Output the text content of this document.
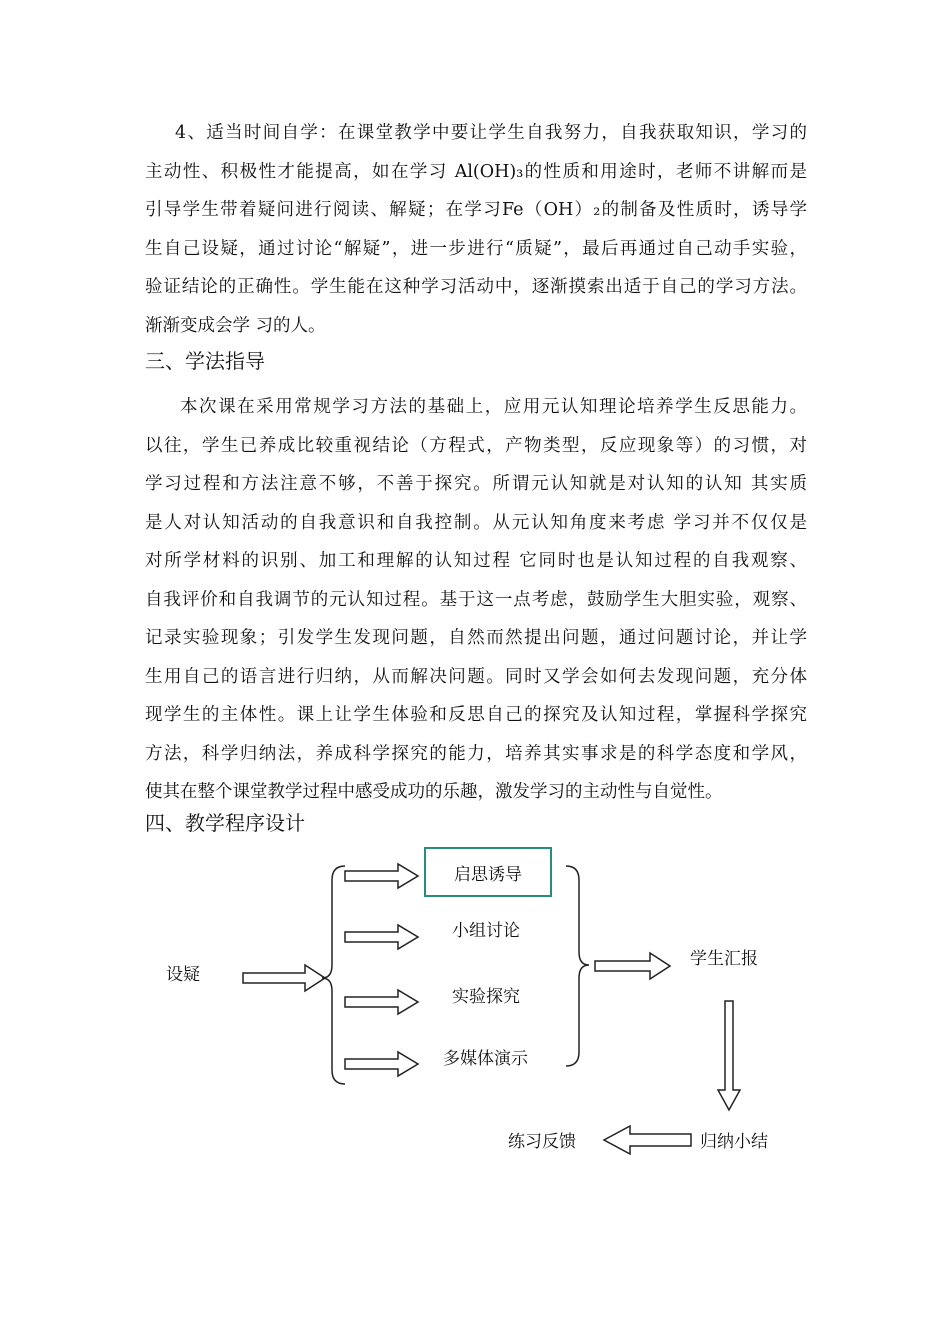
4、适当时间自学：在课堂教学中要让学生自我努力，自我获取知识，学习的
主动性、积极性才能提高，如在学习 Al(OH)₃的性质和用途时，老师不讲解而是
引导学生带着疑问进行阅读、解疑；在学习Fe（OH）₂的制备及性质时，诱导学
生自己设疑，通过讨论“解疑”，进一步进行“质疑”，最后再通过自己动手实验，
验证结论的正确性。学生能在这种学习活动中，逐渐摸索出适于自己的学习方法。
渐渐变成会学 习的人。
三、学法指导
本次课在采用常规学习方法的基础上，应用元认知理论培养学生反思能力。
以往，学生已养成比较重视结论（方程式，产物类型，反应现象等）的习惯，对
学习过程和方法注意不够，不善于探究。所谓元认知就是对认知的认知 其实质
是人对认知活动的自我意识和自我控制。从元认知角度来考虑 学习并不仅仅是
对所学材料的识别、加工和理解的认知过程 它同时也是认知过程的自我观察、
自我评价和自我调节的元认知过程。基于这一点考虑，鼓励学生大胆实验，观察、
记录实验现象；引发学生发现问题，自然而然提出问题，通过问题讨论，并让学
生用自己的语言进行归纳，从而解决问题。同时又学会如何去发现问题，充分体
现学生的主体性。课上让学生体验和反思自己的探究及认知过程，掌握科学探究
方法，科学归纳法，养成科学探究的能力，培养其实事求是的科学态度和学风，
使其在整个课堂教学过程中感受成功的乐趣，激发学习的主动性与自觉性。
四、教学程序设计
设疑
启思诱导
小组讨论
实验探究
多媒体演示
学生汇报
归纳小结
练习反馈
